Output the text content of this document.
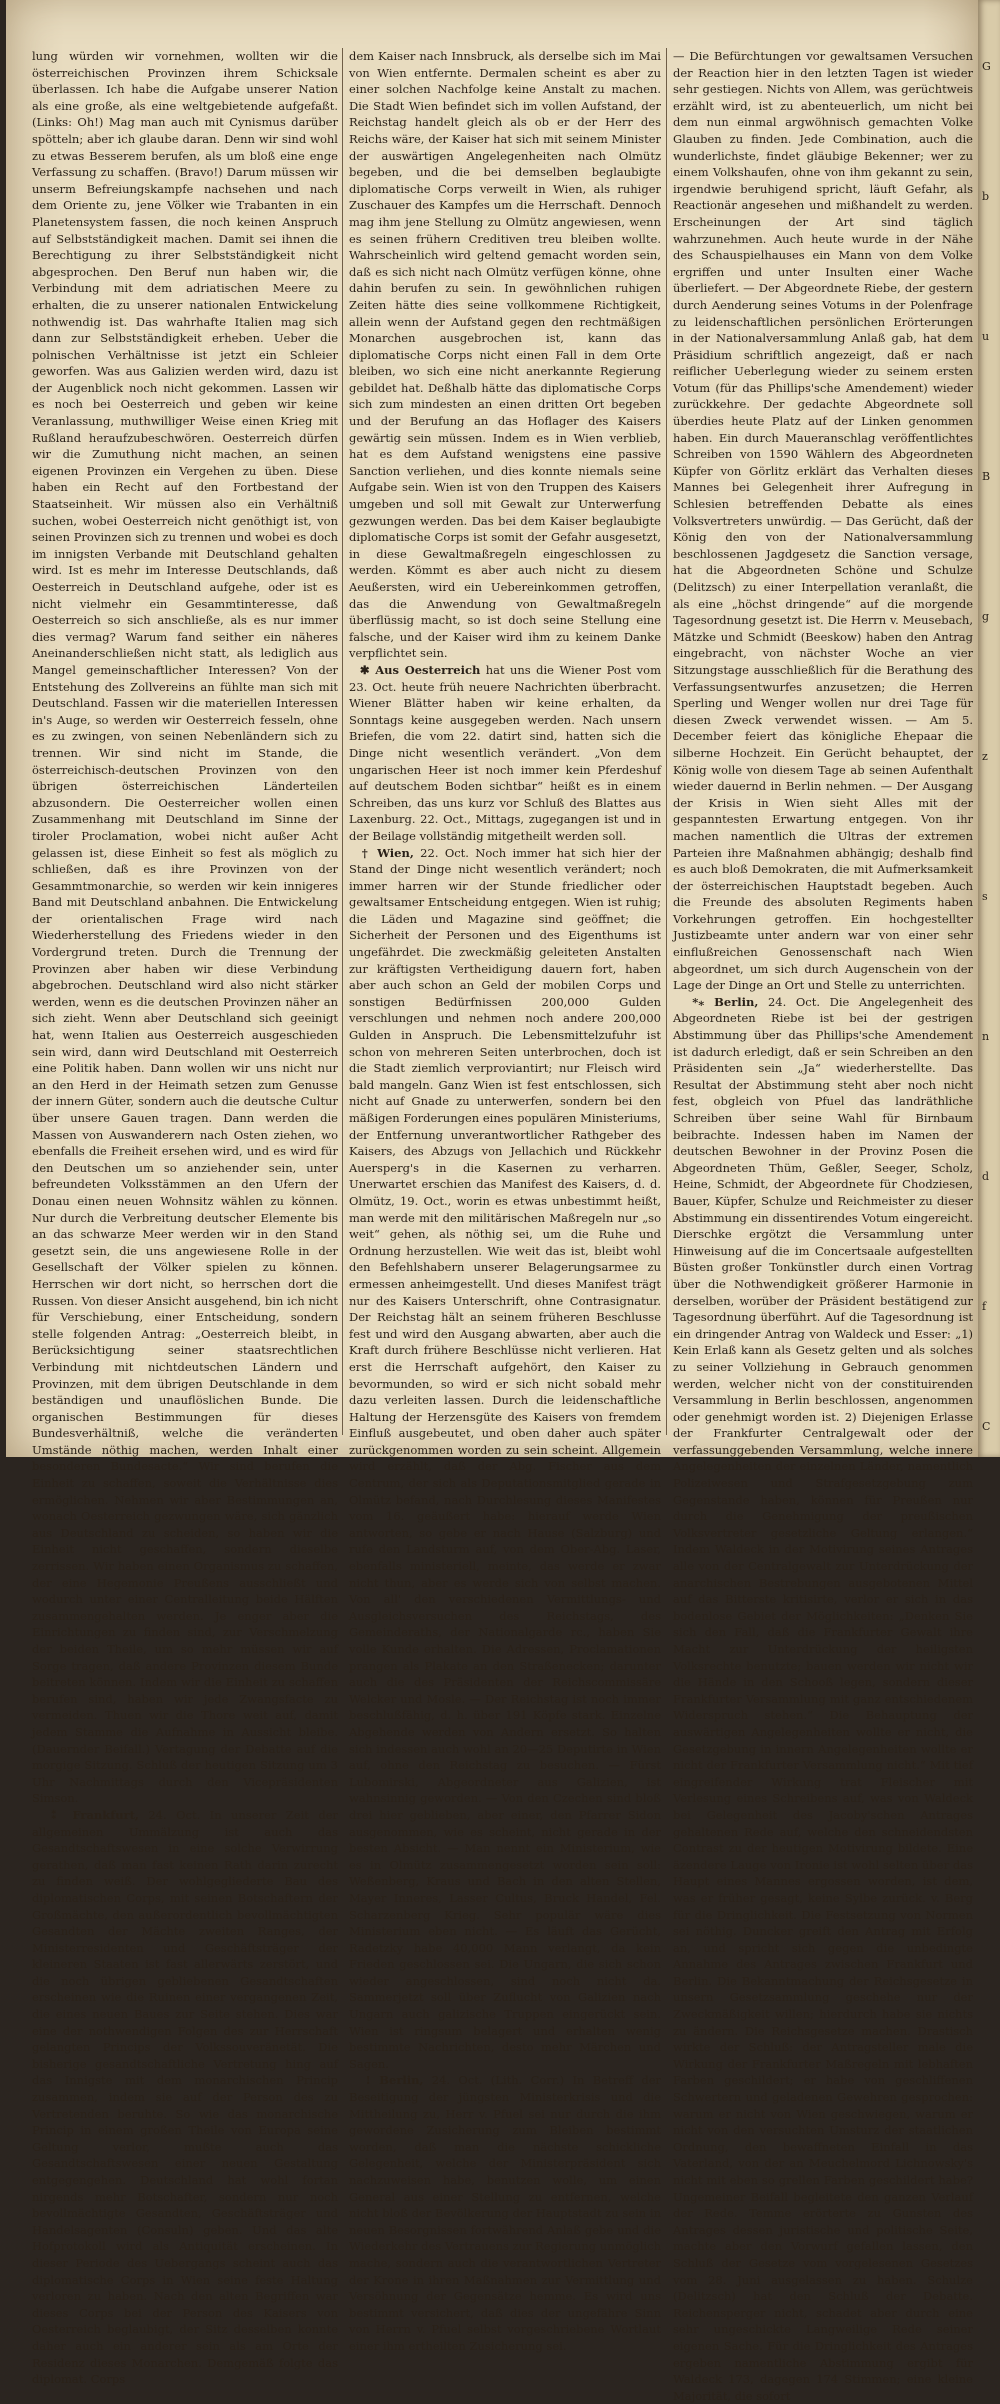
lung würden wir vornehmen, wollten wir die österreichischen Provinzen ihrem Schicksale überlassen. Ich habe die Aufgabe unserer Nation als eine große, als eine weltgebietende aufgefaßt. (Links: Oh!) Mag man auch mit Cynismus darüber spötteln; aber ich glaube daran. Denn wir sind wohl zu etwas Besserem berufen, als um bloß eine enge Verfassung zu schaffen. (Bravo!) Darum müssen wir unserm Befreiungskampfe nachsehen und nach dem Oriente zu, jene Völker wie Trabanten in ein Planetensystem fassen, die noch keinen Anspruch auf Selbstständigkeit machen. Damit sei ihnen die Berechtigung zu ihrer Selbstständigkeit nicht abgesprochen. Den Beruf nun haben wir, die Verbindung mit dem adriatischen Meere zu erhalten, die zu unserer nationalen Entwickelung nothwendig ist. Das wahrhafte Italien mag sich dann zur Selbstständigkeit erheben. Ueber die polnischen Verhältnisse ist jetzt ein Schleier geworfen. Was aus Galizien werden wird, dazu ist der Augenblick noch nicht gekommen. Lassen wir es noch bei Oesterreich und geben wir keine Veranlassung, muthwilliger Weise einen Krieg mit Rußland heraufzubeschwören. Oesterreich dürfen wir die Zumuthung nicht machen, an seinen eigenen Provinzen ein Vergehen zu üben. Diese haben ein Recht auf den Fortbestand der Staatseinheit. Wir müssen also ein Verhältniß suchen, wobei Oesterreich nicht genöthigt ist, von seinen Provinzen sich zu trennen und wobei es doch im innigsten Verbande mit Deutschland gehalten wird. Ist es mehr im Interesse Deutschlands, daß Oesterreich in Deutschland aufgehe, oder ist es nicht vielmehr ein Gesammtinteresse, daß Oesterreich so sich anschließe, als es nur immer dies vermag? Warum fand seither ein näheres Aneinanderschließen nicht statt, als lediglich aus Mangel gemeinschaftlicher Interessen? Von der Entstehung des Zollvereins an fühlte man sich mit Deutschland. Fassen wir die materiellen Interessen in's Auge, so werden wir Oesterreich fesseln, ohne es zu zwingen, von seinen Nebenländern sich zu trennen. Wir sind nicht im Stande, die österreichisch-deutschen Provinzen von den übrigen österreichischen Länderteilen abzusondern. Die Oesterreicher wollen einen Zusammenhang mit Deutschland im Sinne der tiroler Proclamation, wobei nicht außer Acht gelassen ist, diese Einheit so fest als möglich zu schließen, daß es ihre Provinzen von der Gesammtmonarchie, so werden wir kein innigeres Band mit Deutschland anbahnen. Die Entwickelung der orientalischen Frage wird nach Wiederherstellung des Friedens wieder in den Vordergrund treten. Durch die Trennung der Provinzen aber haben wir diese Verbindung abgebrochen. Deutschland wird also nicht stärker werden, wenn es die deutschen Provinzen näher an sich zieht. Wenn aber Deutschland sich geeinigt hat, wenn Italien aus Oesterreich ausgeschieden sein wird, dann wird Deutschland mit Oesterreich eine Politik haben. Dann wollen wir uns nicht nur an den Herd in der Heimath setzen zum Genusse der innern Güter, sondern auch die deutsche Cultur über unsere Gauen tragen. Dann werden die Massen von Auswanderern nach Osten ziehen, wo ebenfalls die Freiheit ersehen wird, und es wird für den Deutschen um so anziehender sein, unter befreundeten Volksstämmen an den Ufern der Donau einen neuen Wohnsitz wählen zu können. Nur durch die Verbreitung deutscher Elemente bis an das schwarze Meer werden wir in den Stand gesetzt sein, die uns angewiesene Rolle in der Gesellschaft der Völker spielen zu können. Herrschen wir dort nicht, so herrschen dort die Russen. Von dieser Ansicht ausgehend, bin ich nicht für Verschiebung, einer Entscheidung, sondern stelle folgenden Antrag: „Oesterreich bleibt, in Berücksichtigung seiner staatsrechtlichen Verbindung mit nichtdeutschen Ländern und Provinzen, mit dem übrigen Deutschlande in dem beständigen und unauflöslichen Bunde. Die organischen Bestimmungen für dieses Bundesverhältniß, welche die veränderten Umstände nöthig machen, werden Inhalt einer besonderen Bundesacte.“ Wir sind berufen die Einheit zu schaffen, soweit die Verhältnisse dies ermöglichen. Nehmen wir aber Bestimmungen an, wonach Oesterreich gezwungen wäre, sich gänzlich aus Deutschland zu scheiden, so haben wir die Einheit nicht geschaffen, sondern dieselbe zerrissen. Wir haben einen Organismus zu schaffen, der eine Hegemonie Preußens ausschließt und wodurch unter einer Centralleitung beide Hälften zusammengehalten werden. Je enger aber die Einrichtungen zu finden sind, zur Verschmelzung der beiden Theile, um so mehr müssen wir auf Sorge tragen, daß andere Provinzen diesem Bunde beitreten können. Indem wir die Einheit zu schaffen berufen sind, haben wir jede Zwangsfacte zu vermeiden. Thuen wir die Thore weit auf, damit jedem Stamme die Aufnahme in Aussicht bleibe. (Dauernder Beifall.) Vertagung der Debatte auf die morgige Sitzung. Schluß der heutigen Sitzung um 3 Uhr Nachmittags durch den Vicepräsidenten Simson.

⁑ Frankfurt, 24. Oct. In unserer Zeit der allgemeinen Ummälzung ist auch das Gesandtschaftswesen in eine solche Verwirrung gerathen, daß man fast keinen Rath darin zurecht zu finden weiß. Der wohlgegliederte Bau des diplomatischen Corps, mit seinen Botschaftern der Großmächte, den außerordentlich bevollmächtigten Gesandten der Mächte zweiten Ranges, der Ministerresidenten und Geschäftsträger der kleineren Staaten ist fast allerwärts zerstört, und die noch übrigen gebliebenen Gesandtschaften erscheinen wie die Ruinen einer vergangenen Zeit, die eines neuen Baues zur Seite stehen. Dies war eine der nothwendigen Folgen des zur Herrschaft gelangten Princips der Volkssouveränetät. Die bisherige gesandtschaftliche Vertretung hing auf das Innigste mit dem monarchischen Princip zusammen, indem sie auf der Person des zu Vertretenden beruhte. So wie das monarchische Princip in einem großen Theile von Europa seine Geltung verlor, mußte auch das Gesandtschaftswesen einer neuen Gestaltung entgegengehen. Deutschland hat wohl fortan nirgends mehr Botschafter, sondern nur noch bevollmächtigte Gesandten, Geschäftsträger und Handelsagenten (Consuln) geben. Und das alte Hofprotokoll wird als Antiquität erscheinen. In dieser Periode des Uebergangs scheint auch das diplomatische Corps in Wien seine feste Haltung verloren zu haben. Nach den alten Begriffen war dieses Corps bei der Person des Kaisers von Oesterreich beglaubigt, der Sitz desselben konnte daher auch ein anderer sein als am Orte der Residenz dieses Monarchen. Demgemäß folgte das diplomat. Corps

dem Kaiser nach Innsbruck, als derselbe sich im Mai von Wien entfernte. Dermalen scheint es aber zu einer solchen Nachfolge keine Anstalt zu machen. Die Stadt Wien befindet sich im vollen Aufstand, der Reichstag handelt gleich als ob er der Herr des Reichs wäre, der Kaiser hat sich mit seinem Minister der auswärtigen Angelegenheiten nach Olmütz begeben, und die bei demselben beglaubigte diplomatische Corps verweilt in Wien, als ruhiger Zuschauer des Kampfes um die Herrschaft. Dennoch mag ihm jene Stellung zu Olmütz angewiesen, wenn es seinen frühern Creditiven treu bleiben wollte. Wahrscheinlich wird geltend gemacht worden sein, daß es sich nicht nach Olmütz verfügen könne, ohne dahin berufen zu sein. In gewöhnlichen ruhigen Zeiten hätte dies seine vollkommene Richtigkeit, allein wenn der Aufstand gegen den rechtmäßigen Monarchen ausgebrochen ist, kann das diplomatische Corps nicht einen Fall in dem Orte bleiben, wo sich eine nicht anerkannte Regierung gebildet hat. Deßhalb hätte das diplomatische Corps sich zum mindesten an einen dritten Ort begeben und der Berufung an das Hoflager des Kaisers gewärtig sein müssen. Indem es in Wien verblieb, hat es dem Aufstand wenigstens eine passive Sanction verliehen, und dies konnte niemals seine Aufgabe sein. Wien ist von den Truppen des Kaisers umgeben und soll mit Gewalt zur Unterwerfung gezwungen werden. Das bei dem Kaiser beglaubigte diplomatische Corps ist somit der Gefahr ausgesetzt, in diese Gewaltmaßregeln eingeschlossen zu werden. Kömmt es aber auch nicht zu diesem Aeußersten, wird ein Uebereinkommen getroffen, das die Anwendung von Gewaltmaßregeln überflüssig macht, so ist doch seine Stellung eine falsche, und der Kaiser wird ihm zu keinem Danke verpflichtet sein.

✱ Aus Oesterreich hat uns die Wiener Post vom 23. Oct. heute früh neuere Nachrichten überbracht. Wiener Blätter haben wir keine erhalten, da Sonntags keine ausgegeben werden. Nach unsern Briefen, die vom 22. datirt sind, hatten sich die Dinge nicht wesentlich verändert. „Von dem ungarischen Heer ist noch immer kein Pferdeshuf auf deutschem Boden sichtbar“ heißt es in einem Schreiben, das uns kurz vor Schluß des Blattes aus Laxenburg. 22. Oct., Mittags, zugegangen ist und in der Beilage vollständig mitgetheilt werden soll.

† Wien, 22. Oct. Noch immer hat sich hier der Stand der Dinge nicht wesentlich verändert; noch immer harren wir der Stunde friedlicher oder gewaltsamer Entscheidung entgegen. Wien ist ruhig; die Läden und Magazine sind geöffnet; die Sicherheit der Personen und des Eigenthums ist ungefährdet. Die zweckmäßig geleiteten Anstalten zur kräftigsten Vertheidigung dauern fort, haben aber auch schon an Geld der mobilen Corps und sonstigen Bedürfnissen 200,000 Gulden verschlungen und nehmen noch andere 200,000 Gulden in Anspruch. Die Lebensmittelzufuhr ist schon von mehreren Seiten unterbrochen, doch ist die Stadt ziemlich verproviantirt; nur Fleisch wird bald mangeln. Ganz Wien ist fest entschlossen, sich nicht auf Gnade zu unterwerfen, sondern bei den mäßigen Forderungen eines populären Ministeriums, der Entfernung unverantwortlicher Rathgeber des Kaisers, des Abzugs von Jellachich und Rückkehr Auersperg's in die Kasernen zu verharren. Unerwartet erschien das Manifest des Kaisers, d. d. Olmütz, 19. Oct., worin es etwas unbestimmt heißt, man werde mit den militärischen Maßregeln nur „so weit“ gehen, als nöthig sei, um die Ruhe und Ordnung herzustellen. Wie weit das ist, bleibt wohl den Befehlshabern unserer Belagerungsarmee zu ermessen anheimgestellt. Und dieses Manifest trägt nur des Kaisers Unterschrift, ohne Contrasignatur. Der Reichstag hält an seinem früheren Beschlusse fest und wird den Ausgang abwarten, aber auch die Kraft durch frühere Beschlüsse nicht verlieren. Hat erst die Herrschaft aufgehört, den Kaiser zu bevormunden, so wird er sich nicht sobald mehr dazu verleiten lassen. Durch die leidenschaftliche Haltung der Herzensgüte des Kaisers von fremdem Einfluß ausgebeutet, und oben daher auch später zurückgenommen worden zu sein scheint. Allgemein wird erzählt, daß der Abg. Fischer aus dem Centrum, der sich als Deputationsmitglied gerade in Olmütz befand, nach Durchlesung dieses Manifestes vom 16. geäußert habe: hierauf werde Wien antworten, so gebe er nach Hause (Salzburg) und rufe den Landsturm auf, von dem Ober-Abg. Laser, ebenfalls ministeriell, meinte, das werde er zwar nicht thun, aber es werde sich von selbst machen. Von all' den verschiedenen Vermittlungs- und Ausgleichsversuchen des Reichstags, des Gemeinderaths, der Nationalgarde rc., haben Sie volle Kunde erhalten. Die Adressen, Proclamationen prangen als Plakate an den Straßenecken; darunter auch die des Präsidenten der Reichscommissäre Welcker und Mosle. — Der Reichstag ist noch immer beschlußfähig, d. h. über 191 Köpfe stark. Einzelne Abgehende werden von Andern ersetzt. So halten sich indessen auch wohl an 20—25 Deputirte in Wien auf, ohne den Reichstag zu besuchen. — Fürst Lubomirski, Abgeordneter aus Galizien, ist wahnsinnig geworden. — Von den Czechen sind bloß drei hier geblieben, aber einer, den Pfarrer Sidon ausgenommen, wie es scheint, nicht gerade in der besten Absicht. — Man nennt ein Ministerium, wie es in Olmütz zusammengesetzt worden sein soll: Weßenberg, Kraus und Bach in den alten Stellen, Mayer Inneres, Lasser Cultus, Bruck Handel, Fel. Scharzenberg Krieg. Sehr populär wäre dies Ministerium eben nicht. — Es läuft das Gerücht, Radetzky habe 40,000 Mann verlangt, da kein Frieden geschlossen sei. Die Ungarn, die sich schon wieder angeschlossen, sind noch nicht da. Sammerjetzt soll über Zuflucht von Galizien nach Ungarn auch galizische Truppen eingerückt sein. Wien ist ringsum belagert und erhalten wenig bestimmte Nachrichten, desto mehr Märchen und Sagen.

! Berlin, 24. Oct. (Lith. Corr.) In Betreff der Beseitigung der jüngsten Ministerkrisis und die Mittheilung zu, Herr v. Pfuel sei nur durch die ihm gewordene Zusicherung zum Bleiben bestimmt worden, daß man die nächste schickliche Gelegenheit, welche der Ministerpräsident sich nachzuweisen habe, benutzen wolle, um einen General aus einer Stellung zu entfernen, welche nicht bloß der Bevölkerung der Hauptstadt zu sein in neuen Besorgnissen fortwährend Anlaß gebe und die Wiederkehr des Vertrauens zur Regierung unmöglich mache, sondern auch die verantwortlichen Vertreter der Krone in ihren Maßnahmen zur Vermittlung und Versöhnung der Gegensätze hemme. Es wird uns bestimmt versichert, daß dies der ungefähre Sinn von Herrn v. Pfuel selbst vorgeschriebene Wortlaut einer ihm ertheilten Zusicherung sei.

— Die Befürchtungen vor gewaltsamen Versuchen der Reaction hier in den letzten Tagen ist wieder sehr gestiegen. Nichts von Allem, was gerüchtweis erzählt wird, ist zu abenteuerlich, um nicht bei dem nun einmal argwöhnisch gemachten Volke Glauben zu finden. Jede Combination, auch die wunderlichste, findet gläubige Bekenner; wer zu einem Volkshaufen, ohne von ihm gekannt zu sein, irgendwie beruhigend spricht, läuft Gefahr, als Reactionär angesehen und mißhandelt zu werden. Erscheinungen der Art sind täglich wahrzunehmen. Auch heute wurde in der Nähe des Schauspielhauses ein Mann von dem Volke ergriffen und unter Insulten einer Wache überliefert. — Der Abgeordnete Riebe, der gestern durch Aenderung seines Votums in der Polenfrage zu leidenschaftlichen persönlichen Erörterungen in der Nationalversammlung Anlaß gab, hat dem Präsidium schriftlich angezeigt, daß er nach reiflicher Ueberlegung wieder zu seinem ersten Votum (für das Phillips'sche Amendement) wieder zurückkehre. Der gedachte Abgeordnete soll überdies heute Platz auf der Linken genommen haben. Ein durch Maueranschlag veröffentlichtes Schreiben von 1590 Wählern des Abgeordneten Küpfer von Görlitz erklärt das Verhalten dieses Mannes bei Gelegenheit ihrer Aufregung in Schlesien betreffenden Debatte als eines Volksvertreters unwürdig. — Das Gerücht, daß der König den von der Nationalversammlung beschlossenen Jagdgesetz die Sanction versage, hat die Abgeordneten Schöne und Schulze (Delitzsch) zu einer Interpellation veranlaßt, die als eine „höchst dringende“ auf die morgende Tagesordnung gesetzt ist. Die Herrn v. Meusebach, Mätzke und Schmidt (Beeskow) haben den Antrag eingebracht, von nächster Woche an vier Sitzungstage ausschließlich für die Berathung des Verfassungsentwurfes anzusetzen; die Herren Sperling und Wenger wollen nur drei Tage für diesen Zweck verwendet wissen. — Am 5. December feiert das königliche Ehepaar die silberne Hochzeit. Ein Gerücht behauptet, der König wolle von diesem Tage ab seinen Aufenthalt wieder dauernd in Berlin nehmen. — Der Ausgang der Krisis in Wien sieht Alles mit der gespanntesten Erwartung entgegen. Von ihr machen namentlich die Ultras der extremen Parteien ihre Maßnahmen abhängig; deshalb find es auch bloß Demokraten, die mit Aufmerksamkeit der österreichischen Hauptstadt begeben. Auch die Freunde des absoluten Regiments haben Vorkehrungen getroffen. Ein hochgestellter Justizbeamte unter andern war von einer sehr einflußreichen Genossenschaft nach Wien abgeordnet, um sich durch Augenschein von der Lage der Dinge an Ort und Stelle zu unterrichten.

*⁎ Berlin, 24. Oct. Die Angelegenheit des Abgeordneten Riebe ist bei der gestrigen Abstimmung über das Phillips'sche Amendement ist dadurch erledigt, daß er sein Schreiben an den Präsidenten sein „Ja“ wiederherstellte. Das Resultat der Abstimmung steht aber noch nicht fest, obgleich von Pfuel das landräthliche Schreiben über seine Wahl für Birnbaum beibrachte. Indessen haben im Namen der deutschen Bewohner in der Provinz Posen die Abgeordneten Thüm, Geßler, Seeger, Scholz, Heine, Schmidt, der Abgeordnete für Chodziesen, Bauer, Küpfer, Schulze und Reichmeister zu dieser Abstimmung ein dissentirendes Votum eingereicht. Dierschke ergötzt die Versammlung unter Hinweisung auf die im Concertsaale aufgestellten Büsten großer Tonkünstler durch einen Vortrag über die Nothwendigkeit größerer Harmonie in derselben, worüber der Präsident bestätigend zur Tagesordnung überführt. Auf die Tagesordnung ist ein dringender Antrag von Waldeck und Esser: „1) Kein Erlaß kann als Gesetz gelten und als solches zu seiner Vollziehung in Gebrauch genommen werden, welcher nicht von der constituirenden Versammlung in Berlin beschlossen, angenommen oder genehmigt worden ist. 2) Diejenigen Erlasse der Frankfurter Centralgewalt oder der verfassunggebenden Versammlung, welche innere Angelegenheiten der einzelnen Länder, namentlich Polizeiwesen und Strafgesetzgebung zum Gegenstande haben, können für Preußen nur durch die Genehmigung der preußischen Volksvertreter gesetzliche Geltung erlangen.“ Indem Waldeck in der Motivirung seines Antrages alle von der Centralgewalt zur Unterdrückung der anarchischen Bestrebungen ausgebotenen Mittel auf das Bitterste kritisirte, verlor er sich in das bodenlose Gebiet der Möglichkeiten: „Denken Sie sich den Fall, daß die Frankfurter Gewalt ihre Macht zur Unterdrückung der heiligsten Volksrechte benutzte; bauen werden wir nicht wir die Hände in den Schooß legen, sondern dieser Frankfurter Versammlung mit ganz entschiedenem Widerspruch stehen.“ Die Behauptung der auswärtigen Angelegenheiten wollte er nicht, die Gesetzgebung in innern Angelegenheiten wollte er nicht der Frankfurter Versammlung nicht.“ Mit tief eingreifender Wirkung trat Fleischer mit Verlesung eines Schreibens auf, was von Waldeck bei Gelegenheit des Jacoby'schen Antrages gehaltenen Rede auf, welche den schneidendsten Contrast zu der heutigen Motivirung bildete. Eine äzendere Lauge von Ironie ist wohl selten über das Haupt eines Mannes ergossen worden, ist dem, was er früher gesagt, keine Sylbe zurück. v. Berg für die Dringlichkeit. Die Festsetzung von Normen sei nöthig. Duncker greift den Antrag mit Erfolg an, und spricht sich gegen die unbedingte Annahme des Antrages zwischen Frankfurt und Berlin. Die Bekanntmachung der Reichsgesetze in unsern Gesetzsammlung geschehe nur der Zweckmäßigkeit willen; hierdurch habe sie nichts zu ändern. Die Reichsgesetze machen. Drastisch wirkte der Schluß: der Antragsteller male die Wirkung der Frankfurter Maßregeln mit lebhaften Farben geschildert; er habe von geschliffenen Schwertern und geladenen Gewehren gesprochen: warum er nicht von Wien geschwiegen, warum er nicht von den versuchten Umsturz der staatlichen Ordnung, den bewaffneten Einfall in das Vaterland, von der an Meuchelmord Lichnowsky's nicht mit eben so grellen Farben geschildert habe? Ungemeiner Beifall begleitete den ganzen Verlauf der Rede. Temme erörterte zu Gunsten des Antrages dessen juristische und politische Seite, machte aber den Vorwurf gefallen lassen, den Schluß der Gesetze vom vorgelesenen Gesetzes vom 28. Juni ausgelassen zu haben. Schulze (Delitzsch) hat den Schluß der Debatte. Reichensperger nicht, schadet aber durch eine sehr ungeschickte Langweilige Rede seiner eigenen Sache. Für die Dringlichkeit des Antrages ergeben namentliche Abstimmung ergibt für Waldeck 173, dagegen 174 Stimmen; eine kleine Majorität, die sofort

G
b
u
B
g
z
s
n
d
f
C
